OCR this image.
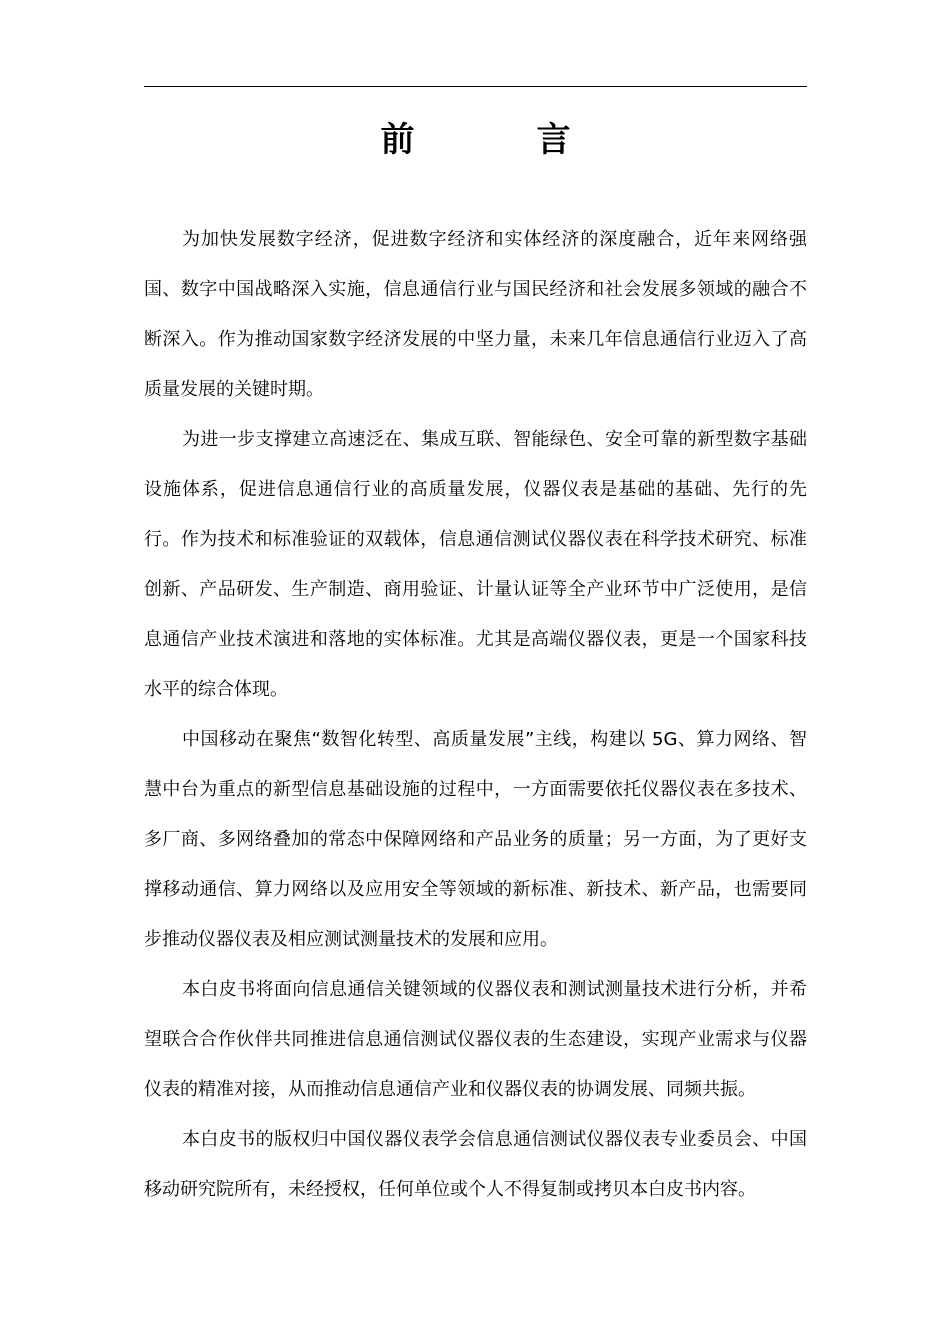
前　言

为加快发展数字经济，促进数字经济和实体经济的深度融合，近年来网络强国、数字中国战略深入实施，信息通信行业与国民经济和社会发展多领域的融合不断深入。作为推动国家数字经济发展的中坚力量，未来几年信息通信行业迈入了高质量发展的关键时期。

为进一步支撑建立高速泛在、集成互联、智能绿色、安全可靠的新型数字基础设施体系，促进信息通信行业的高质量发展，仪器仪表是基础的基础、先行的先行。作为技术和标准验证的双载体，信息通信测试仪器仪表在科学技术研究、标准创新、产品研发、生产制造、商用验证、计量认证等全产业环节中广泛使用，是信息通信产业技术演进和落地的实体标准。尤其是高端仪器仪表，更是一个国家科技水平的综合体现。

中国移动在聚焦“数智化转型、高质量发展”主线，构建以 5G、算力网络、智慧中台为重点的新型信息基础设施的过程中，一方面需要依托仪器仪表在多技术、多厂商、多网络叠加的常态中保障网络和产品业务的质量；另一方面，为了更好支撑移动通信、算力网络以及应用安全等领域的新标准、新技术、新产品，也需要同步推动仪器仪表及相应测试测量技术的发展和应用。

本白皮书将面向信息通信关键领域的仪器仪表和测试测量技术进行分析，并希望联合合作伙伴共同推进信息通信测试仪器仪表的生态建设，实现产业需求与仪器仪表的精准对接，从而推动信息通信产业和仪器仪表的协调发展、同频共振。

本白皮书的版权归中国仪器仪表学会信息通信测试仪器仪表专业委员会、中国移动研究院所有，未经授权，任何单位或个人不得复制或拷贝本白皮书内容。
